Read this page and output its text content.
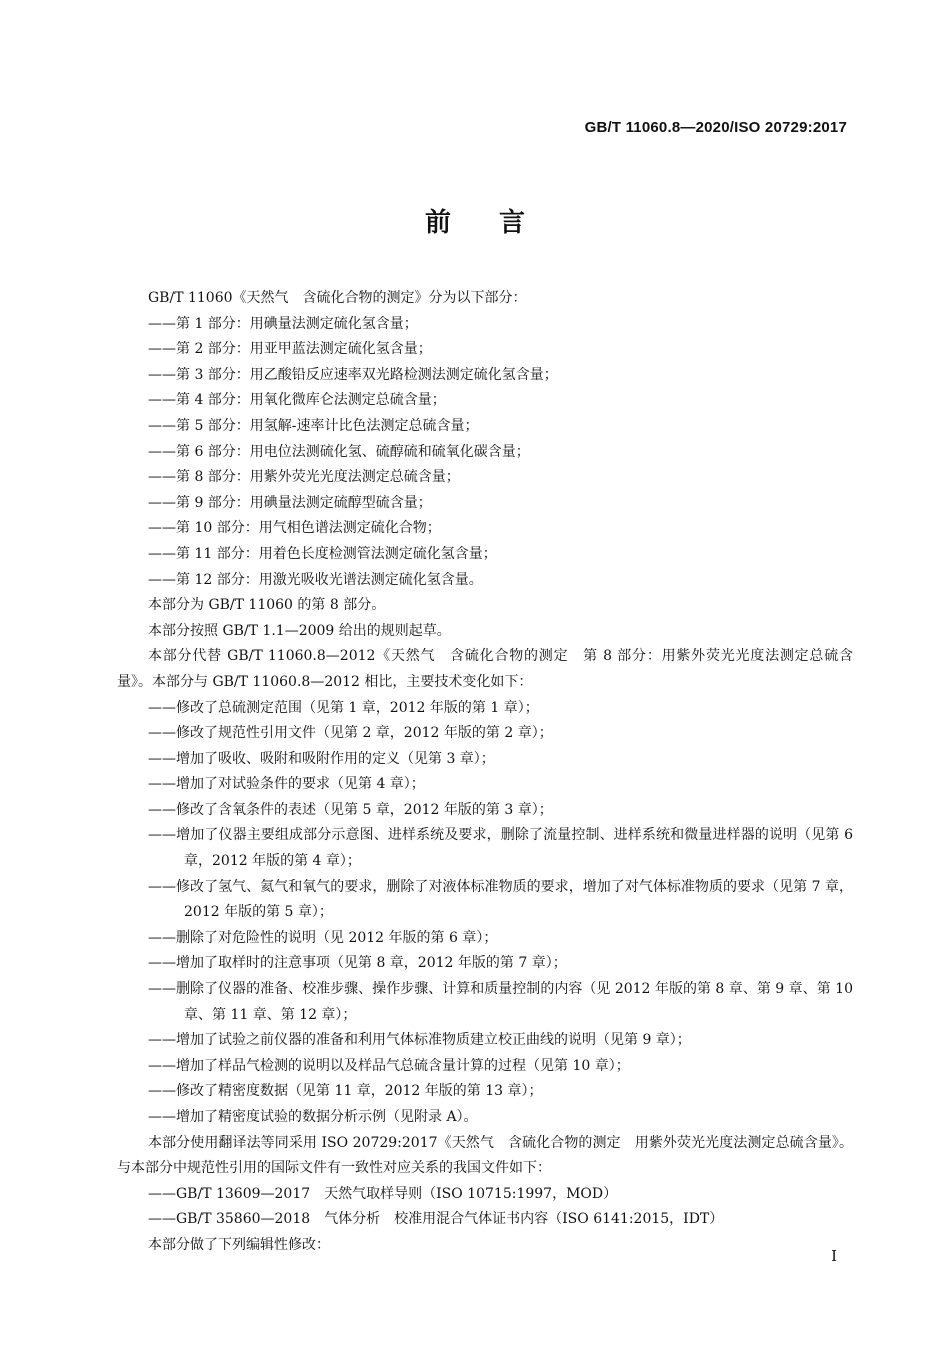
GB/T 11060.8—2020/ISO 20729:2017
前言

GB/T 11060《天然气　含硫化合物的测定》分为以下部分：

——第 1 部分：用碘量法测定硫化氢含量；

——第 2 部分：用亚甲蓝法测定硫化氢含量；

——第 3 部分：用乙酸铅反应速率双光路检测法测定硫化氢含量；

——第 4 部分：用氧化微库仑法测定总硫含量；

——第 5 部分：用氢解-速率计比色法测定总硫含量；

——第 6 部分：用电位法测硫化氢、硫醇硫和硫氧化碳含量；

——第 8 部分：用紫外荧光光度法测定总硫含量；

——第 9 部分：用碘量法测定硫醇型硫含量；

——第 10 部分：用气相色谱法测定硫化合物；

——第 11 部分：用着色长度检测管法测定硫化氢含量；

——第 12 部分：用激光吸收光谱法测定硫化氢含量。

本部分为 GB/T 11060 的第 8 部分。

本部分按照 GB/T 1.1—2009 给出的规则起草。

本部分代替 GB/T 11060.8—2012《天然气　含硫化合物的测定　第 8 部分：用紫外荧光光度法测定总硫含量》。本部分与 GB/T 11060.8—2012 相比，主要技术变化如下：

——修改了总硫测定范围（见第 1 章，2012 年版的第 1 章）；

——修改了规范性引用文件（见第 2 章，2012 年版的第 2 章）；

——增加了吸收、吸附和吸附作用的定义（见第 3 章）；

——增加了对试验条件的要求（见第 4 章）；

——修改了含氧条件的表述（见第 5 章，2012 年版的第 3 章）；

——增加了仪器主要组成部分示意图、进样系统及要求，删除了流量控制、进样系统和微量进样器的说明（见第 6 章，2012 年版的第 4 章）；

——修改了氢气、氦气和氧气的要求，删除了对液体标准物质的要求，增加了对气体标准物质的要求（见第 7 章，2012 年版的第 5 章）；

——删除了对危险性的说明（见 2012 年版的第 6 章）；

——增加了取样时的注意事项（见第 8 章，2012 年版的第 7 章）；

——删除了仪器的准备、校准步骤、操作步骤、计算和质量控制的内容（见 2012 年版的第 8 章、第 9 章、第 10 章、第 11 章、第 12 章）；

——增加了试验之前仪器的准备和利用气体标准物质建立校正曲线的说明（见第 9 章）；

——增加了样品气检测的说明以及样品气总硫含量计算的过程（见第 10 章）；

——修改了精密度数据（见第 11 章，2012 年版的第 13 章）；

——增加了精密度试验的数据分析示例（见附录 A）。

本部分使用翻译法等同采用 ISO 20729:2017《天然气　含硫化合物的测定　用紫外荧光光度法测定总硫含量》。与本部分中规范性引用的国际文件有一致性对应关系的我国文件如下：

——GB/T 13609—2017　天然气取样导则（ISO 10715:1997，MOD）

——GB/T 35860—2018　气体分析　校准用混合气体证书内容（ISO 6141:2015，IDT）

本部分做了下列编辑性修改：

I
